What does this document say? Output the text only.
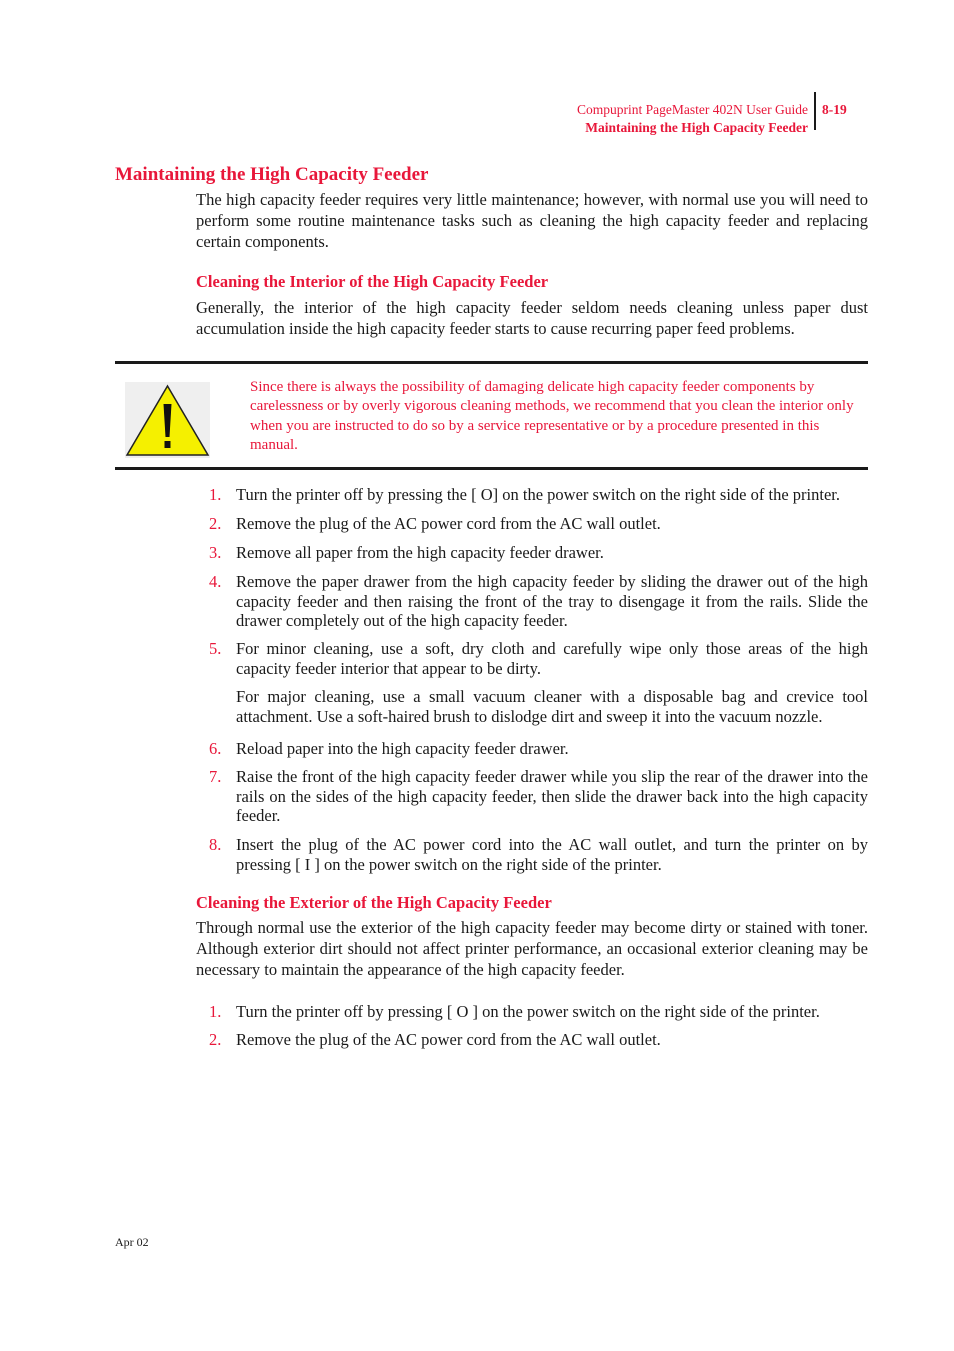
Compuprint PageMaster 402N User Guide
Maintaining the High Capacity Feeder
8-19
Maintaining the High Capacity Feeder
The high capacity feeder requires very little maintenance; however, with normal use you will need to perform some routine maintenance tasks such as cleaning the high capacity feeder and replacing certain components.
Cleaning the Interior of the High Capacity Feeder
Generally, the interior of the high capacity feeder seldom needs cleaning unless paper dust accumulation inside the high capacity feeder starts to cause recurring paper feed problems.
Since there is always the possibility of damaging delicate high capacity feeder components by carelessness or by overly vigorous cleaning methods, we recommend that you clean the interior only when you are instructed to do so by a service representative or by a procedure presented in this manual.
1. Turn the printer off by pressing the [ O] on the power switch on the right side of the printer.
2. Remove the plug of the AC power cord from the AC wall outlet.
3. Remove all paper from the high capacity feeder drawer.
4. Remove the paper drawer from the high capacity feeder by sliding the drawer out of the high capacity feeder and then raising the front of the tray to disengage it from the rails. Slide the drawer completely out of the high capacity feeder.
5. For minor cleaning, use a soft, dry cloth and carefully wipe only those areas of the high capacity feeder interior that appear to be dirty.
For major cleaning, use a small vacuum cleaner with a disposable bag and crevice tool attachment. Use a soft-haired brush to dislodge dirt and sweep it into the vacuum nozzle.
6. Reload paper into the high capacity feeder drawer.
7. Raise the front of the high capacity feeder drawer while you slip the rear of the drawer into the rails on the sides of the high capacity feeder, then slide the drawer back into the high capacity feeder.
8. Insert the plug of the AC power cord into the AC wall outlet, and turn the printer on by pressing [ I ] on the power switch on the right side of the printer.
Cleaning the Exterior of the High Capacity Feeder
Through normal use the exterior of the high capacity feeder may become dirty or stained with toner. Although exterior dirt should not affect printer performance, an occasional exterior cleaning may be necessary to maintain the appearance of the high capacity feeder.
1. Turn the printer off by pressing [ O ] on the power switch on the right side of the printer.
2. Remove the plug of the AC power cord from the AC wall outlet.
Apr 02
